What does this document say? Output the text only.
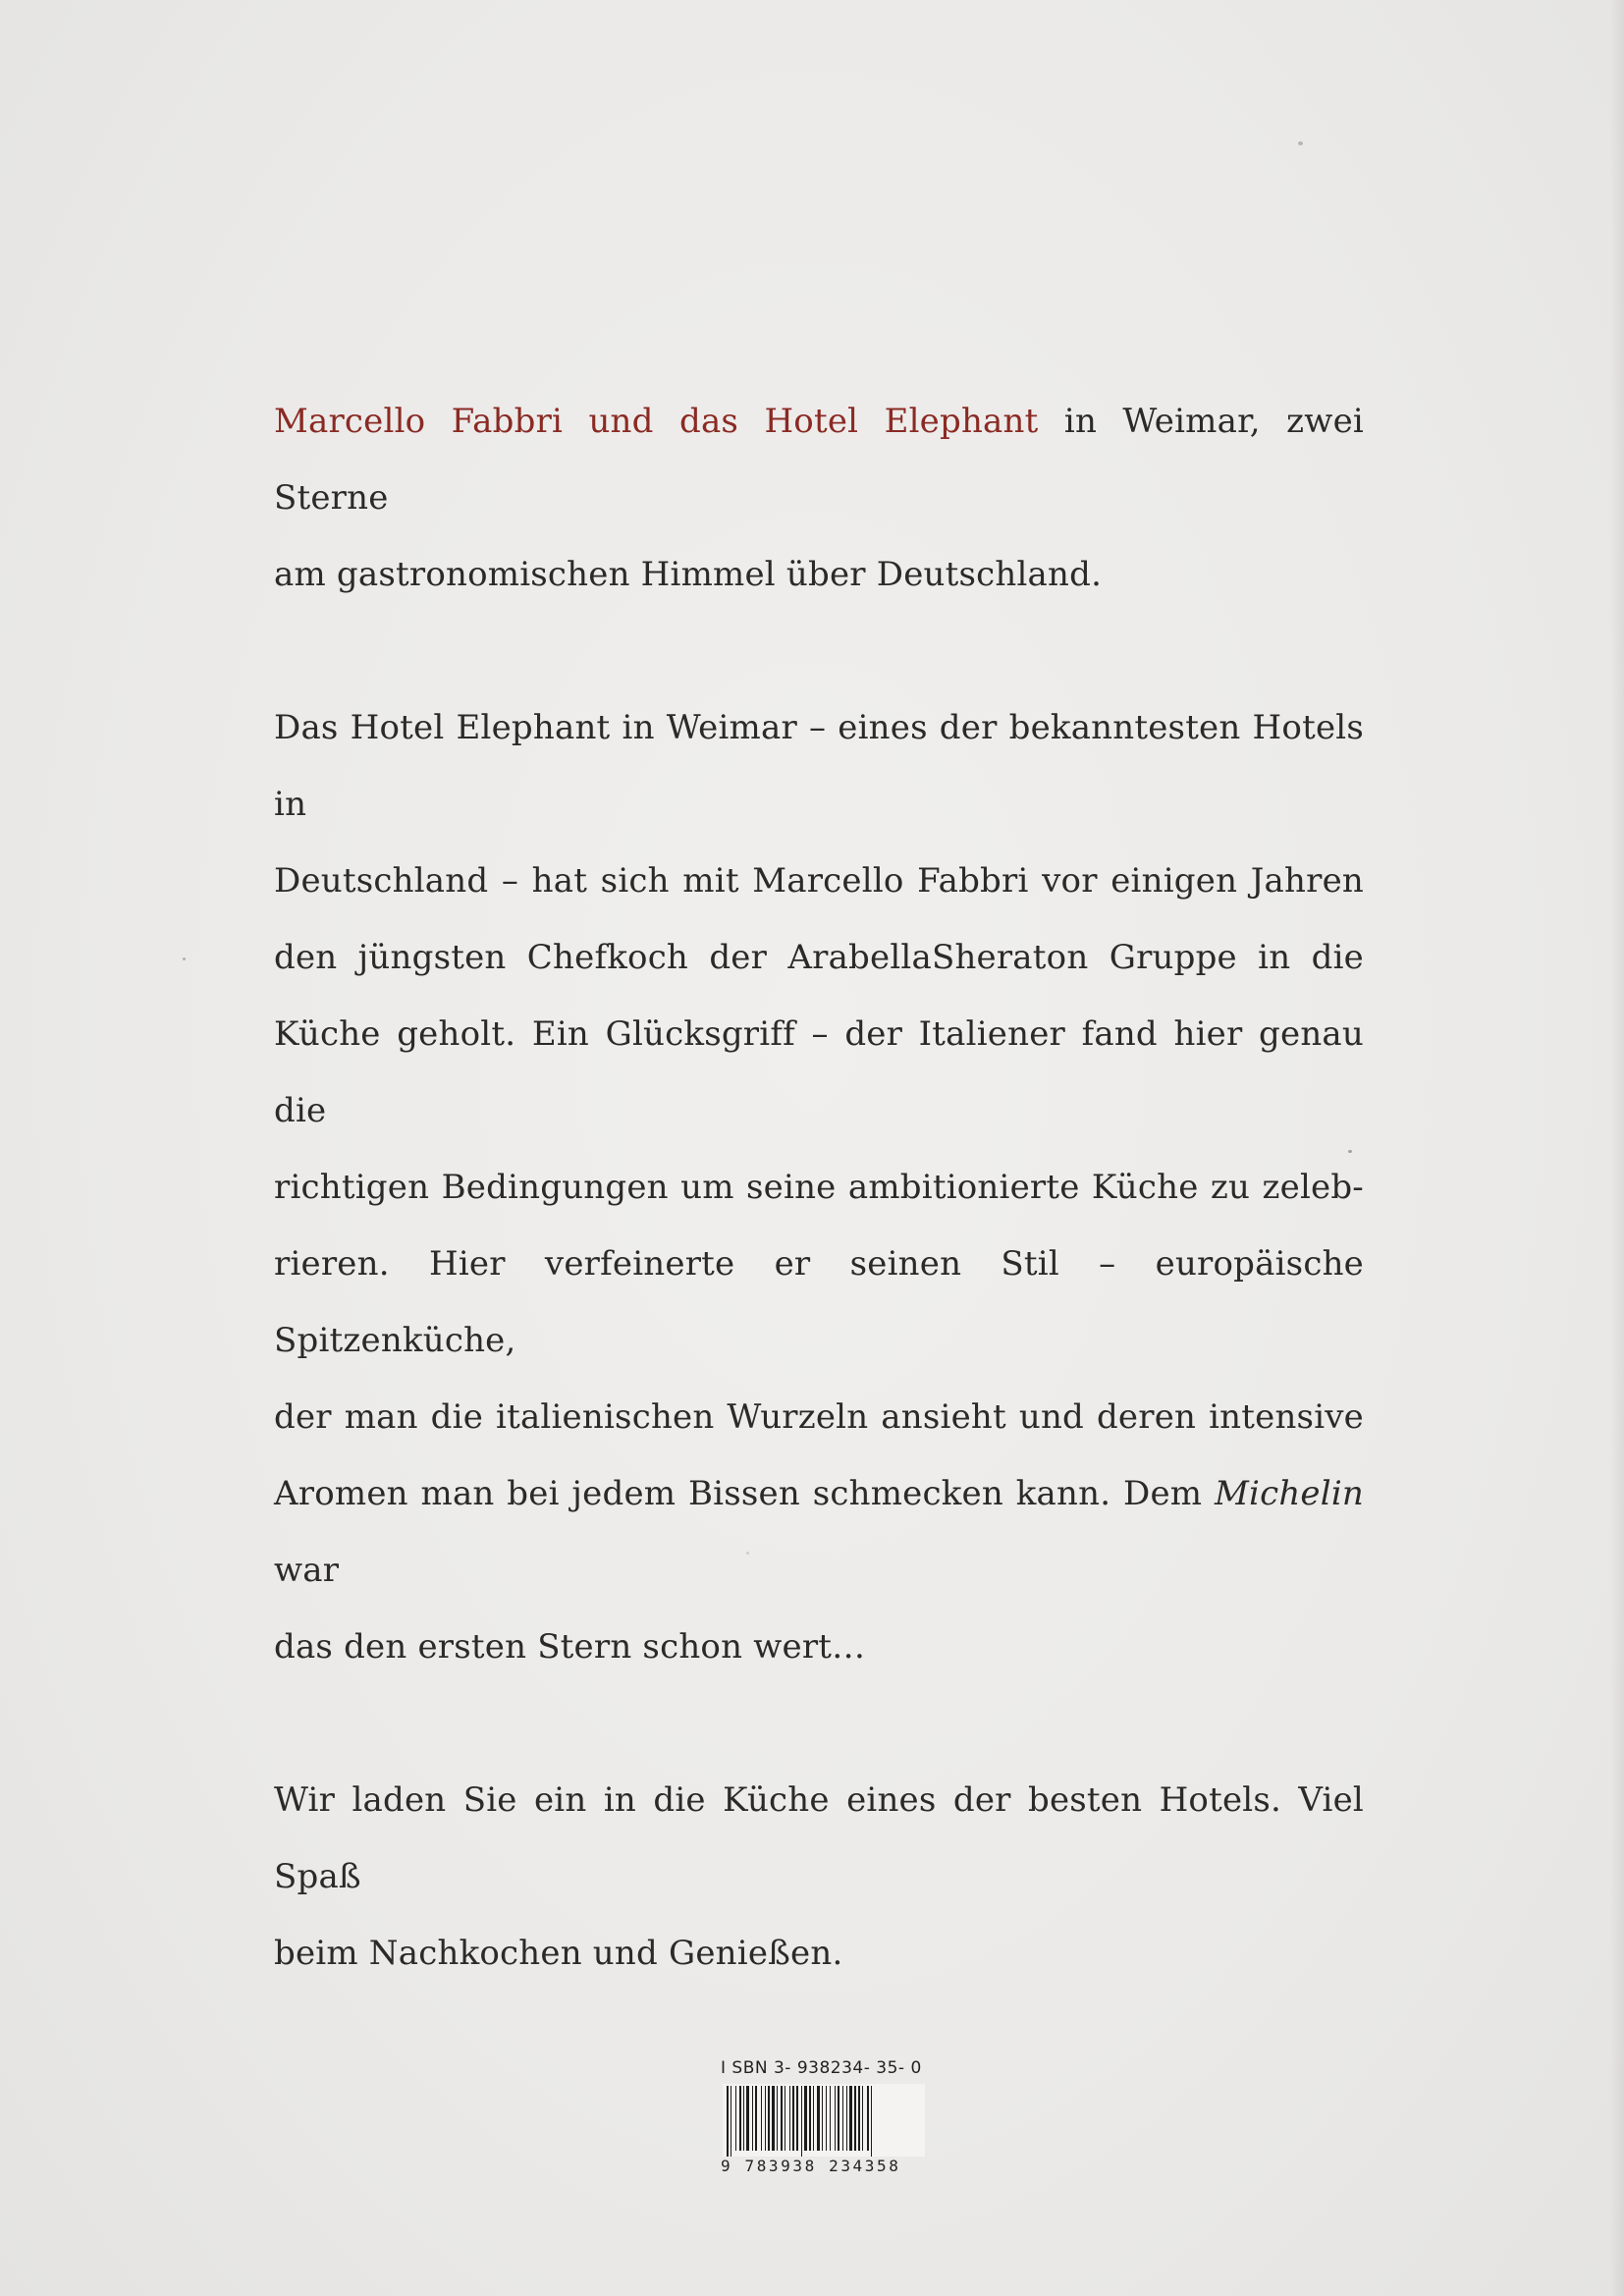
Marcello Fabbri und das Hotel Elephant in Weimar, zwei Sterne
am gastronomischen Himmel über Deutschland.

Das Hotel Elephant in Weimar – eines der bekanntesten Hotels in
Deutschland – hat sich mit Marcello Fabbri vor einigen Jahren
den jüngsten Chefkoch der ArabellaSheraton Gruppe in die
Küche geholt. Ein Glücksgriff – der Italiener fand hier genau die
richtigen Bedingungen um seine ambitionierte Küche zu zeleb-
rieren. Hier verfeinerte er seinen Stil – europäische Spitzenküche,
der man die italienischen Wurzeln ansieht und deren intensive
Aromen man bei jedem Bissen schmecken kann. Dem Michelin war
das den ersten Stern schon wert…

Wir laden Sie ein in die Küche eines der besten Hotels. Viel Spaß
beim Nachkochen und Genießen.

I SBN 3- 938234- 35- 0
9 783938 234358
